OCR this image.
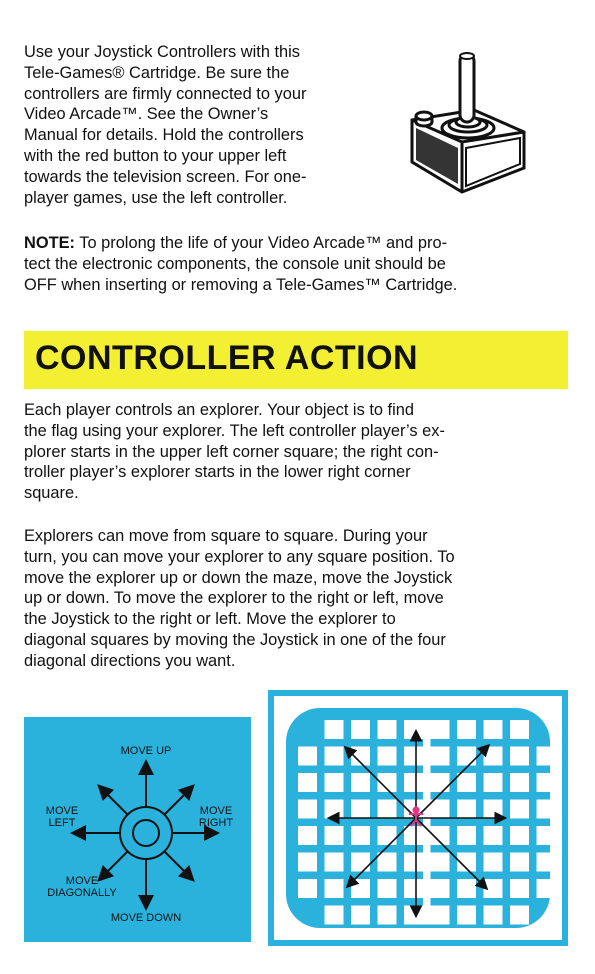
Use your Joystick Controllers with this
Tele-Games® Cartridge. Be sure the
controllers are firmly connected to your
Video Arcade™. See the Owner’s
Manual for details. Hold the controllers
with the red button to your upper left
towards the television screen. For one-
player games, use the left controller.

NOTE: To prolong the life of your Video Arcade™ and pro-
tect the electronic components, the console unit should be
OFF when inserting or removing a Tele-Games™ Cartridge.

CONTROLLER ACTION

Each player controls an explorer. Your object is to find
the flag using your explorer. The left controller player’s ex-
plorer starts in the upper left corner square; the right con-
troller player’s explorer starts in the lower right corner
square.

Explorers can move from square to square. During your
turn, you can move your explorer to any square position. To
move the explorer up or down the maze, move the Joystick
up or down. To move the explorer to the right or left, move
the Joystick to the right or left. Move the explorer to
diagonal squares by moving the Joystick in one of the four
diagonal directions you want.

MOVE UP
MOVE DOWN
MOVE
LEFT
MOVE
RIGHT
MOVE
DIAGONALLY
